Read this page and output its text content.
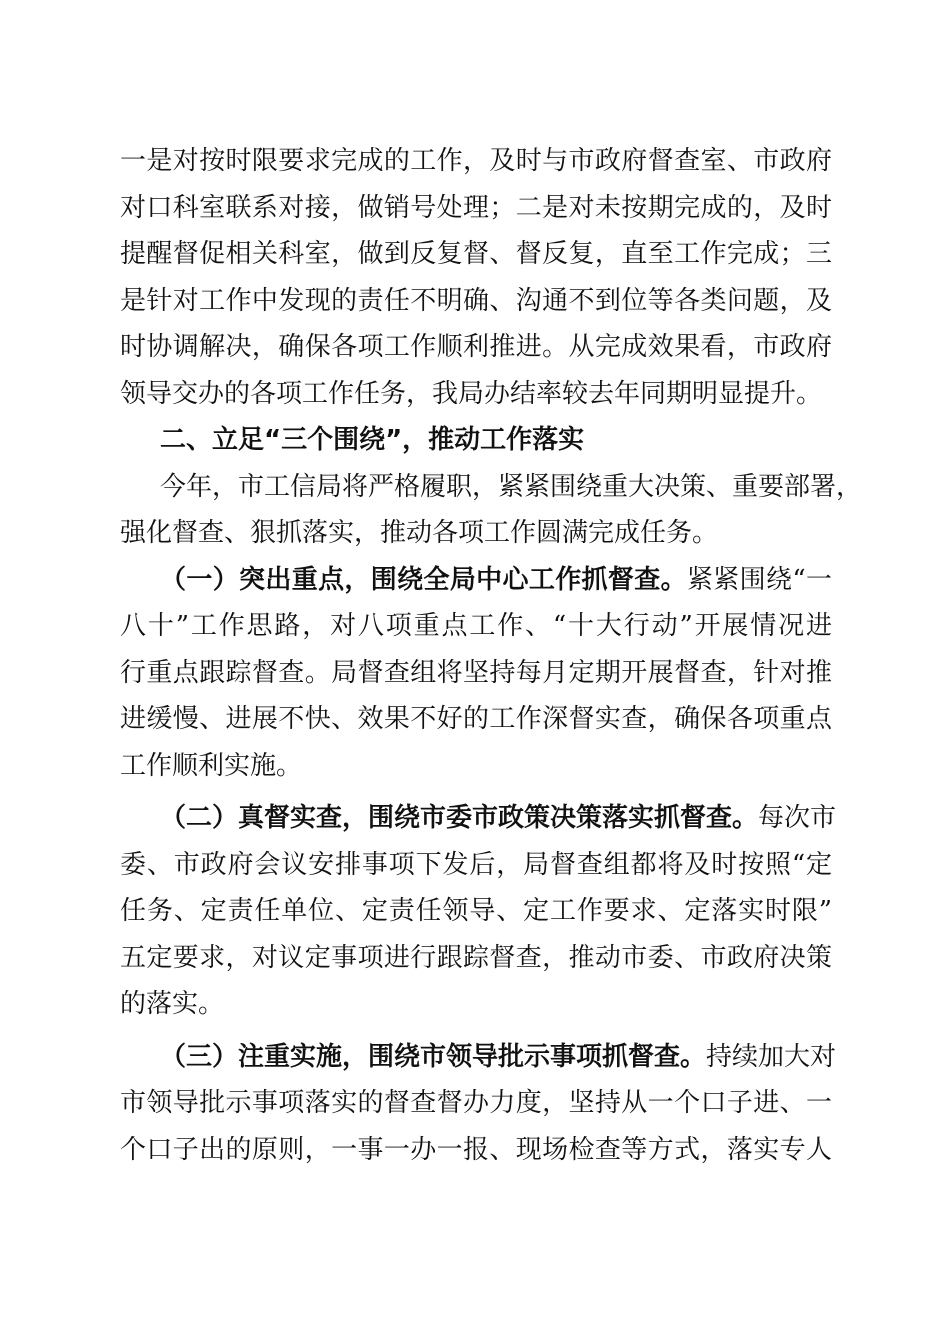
一是对按时限要求完成的工作，及时与市政府督查室、市政府
对口科室联系对接，做销号处理；二是对未按期完成的，及时
提醒督促相关科室，做到反复督、督反复，直至工作完成；三
是针对工作中发现的责任不明确、沟通不到位等各类问题，及
时协调解决，确保各项工作顺利推进。从完成效果看，市政府
领导交办的各项工作任务，我局办结率较去年同期明显提升。
二、立足“三个围绕”，推动工作落实
今年，市工信局将严格履职，紧紧围绕重大决策、重要部署，
强化督查、狠抓落实，推动各项工作圆满完成任务。
（一）突出重点，围绕全局中心工作抓督查。紧紧围绕“一
八十”工作思路，对八项重点工作、“十大行动”开展情况进
行重点跟踪督查。局督查组将坚持每月定期开展督查，针对推
进缓慢、进展不快、效果不好的工作深督实查，确保各项重点
工作顺利实施。
（二）真督实查，围绕市委市政策决策落实抓督查。每次市
委、市政府会议安排事项下发后，局督查组都将及时按照“定
任务、定责任单位、定责任领导、定工作要求、定落实时限”
五定要求，对议定事项进行跟踪督查，推动市委、市政府决策
的落实。
（三）注重实施，围绕市领导批示事项抓督查。持续加大对
市领导批示事项落实的督查督办力度，坚持从一个口子进、一
个口子出的原则，一事一办一报、现场检查等方式，落实专人
